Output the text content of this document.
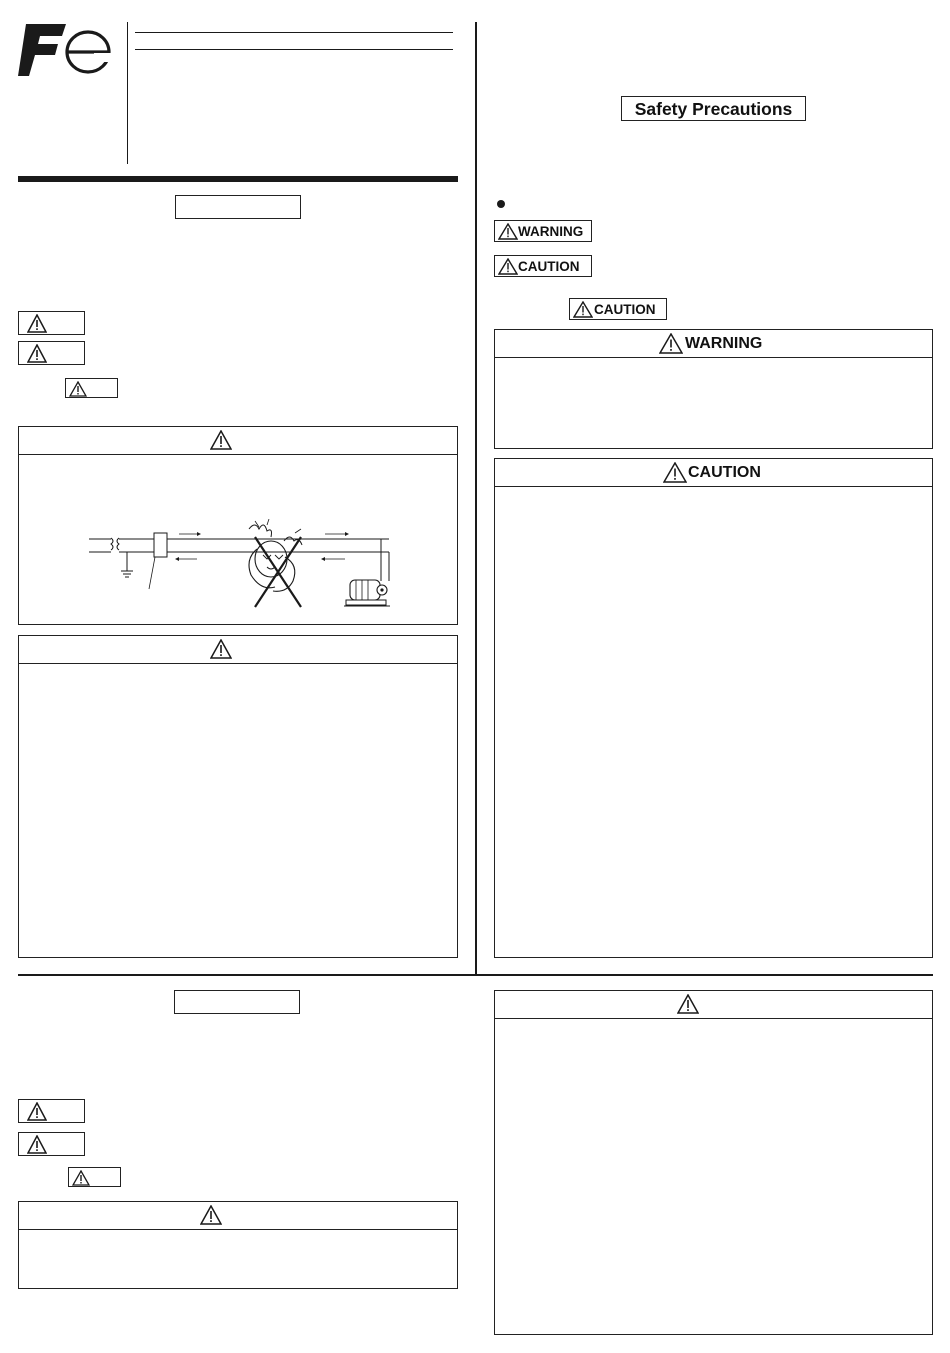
Safety Precautions
WARNING
CAUTION
CAUTION
WARNING
CAUTION
